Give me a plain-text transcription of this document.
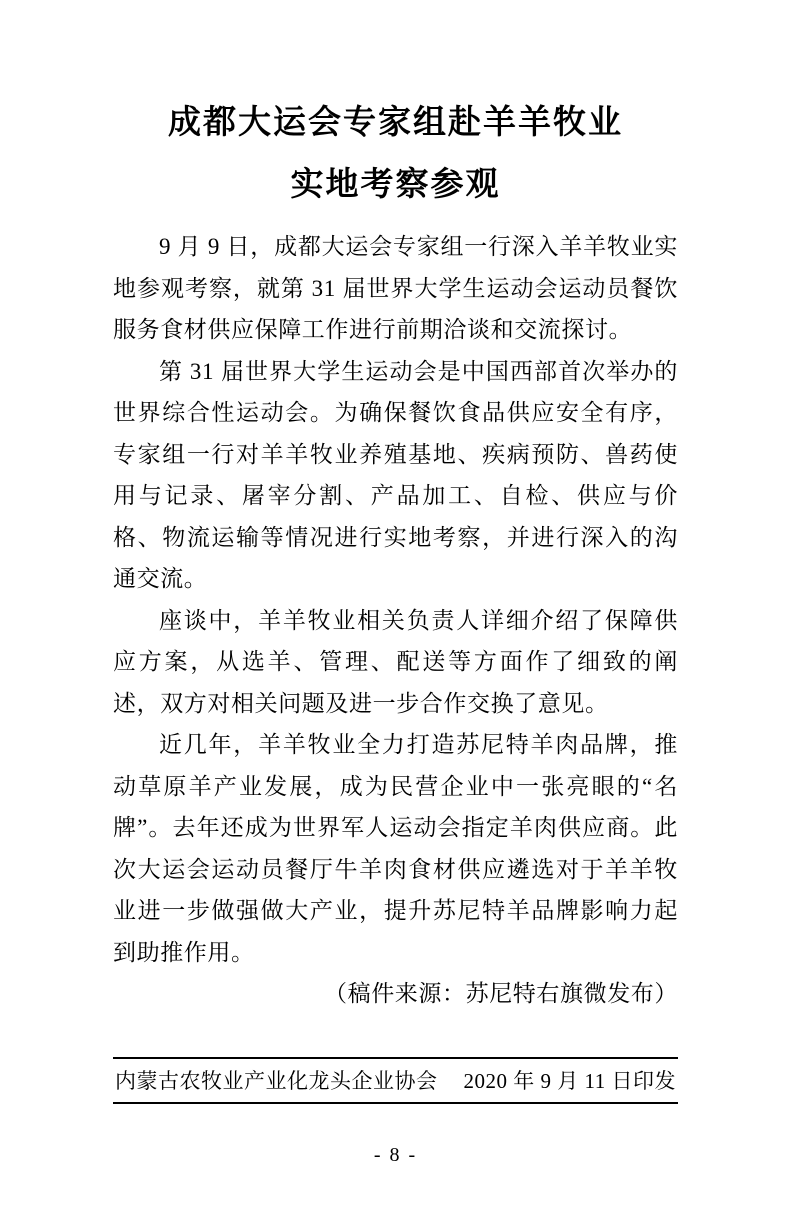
成都大运会专家组赴羊羊牧业
实地考察参观

9 月 9 日，成都大运会专家组一行深入羊羊牧业实地参观考察，就第 31 届世界大学生运动会运动员餐饮服务食材供应保障工作进行前期洽谈和交流探讨。

第 31 届世界大学生运动会是中国西部首次举办的世界综合性运动会。为确保餐饮食品供应安全有序，专家组一行对羊羊牧业养殖基地、疾病预防、兽药使用与记录、屠宰分割、产品加工、自检、供应与价格、物流运输等情况进行实地考察，并进行深入的沟通交流。

座谈中，羊羊牧业相关负责人详细介绍了保障供应方案，从选羊、管理、配送等方面作了细致的阐述，双方对相关问题及进一步合作交换了意见。

近几年，羊羊牧业全力打造苏尼特羊肉品牌，推动草原羊产业发展，成为民营企业中一张亮眼的“名牌”。去年还成为世界军人运动会指定羊肉供应商。此次大运会运动员餐厅牛羊肉食材供应遴选对于羊羊牧业进一步做强做大产业，提升苏尼特羊品牌影响力起到助推作用。

（稿件来源：苏尼特右旗微发布）

内蒙古农牧业产业化龙头企业协会 2020 年 9 月 11 日印发
- 8 -
